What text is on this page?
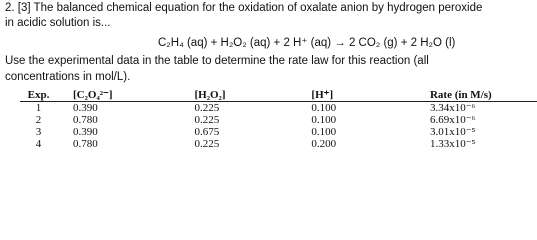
2. [3] The balanced chemical equation for the oxidation of oxalate anion by hydrogen peroxide
in acidic solution is...
C₂H₄ (aq) + H₂O₂ (aq) + 2 H⁺ (aq) → 2 CO₂ (g) + 2 H₂O (l)
Use the experimental data in the table to determine the rate law for this reaction (all
concentrations in mol/L).
Exp.	[C₂O₄²⁻]	[H₂O₂]	[H⁺]	Rate (in M/s)
1	0.390	0.225	0.100	3.34x10⁻⁶
2	0.780	0.225	0.100	6.69x10⁻⁶
3	0.390	0.675	0.100	3.01x10⁻⁵
4	0.780	0.225	0.200	1.33x10⁻⁵
